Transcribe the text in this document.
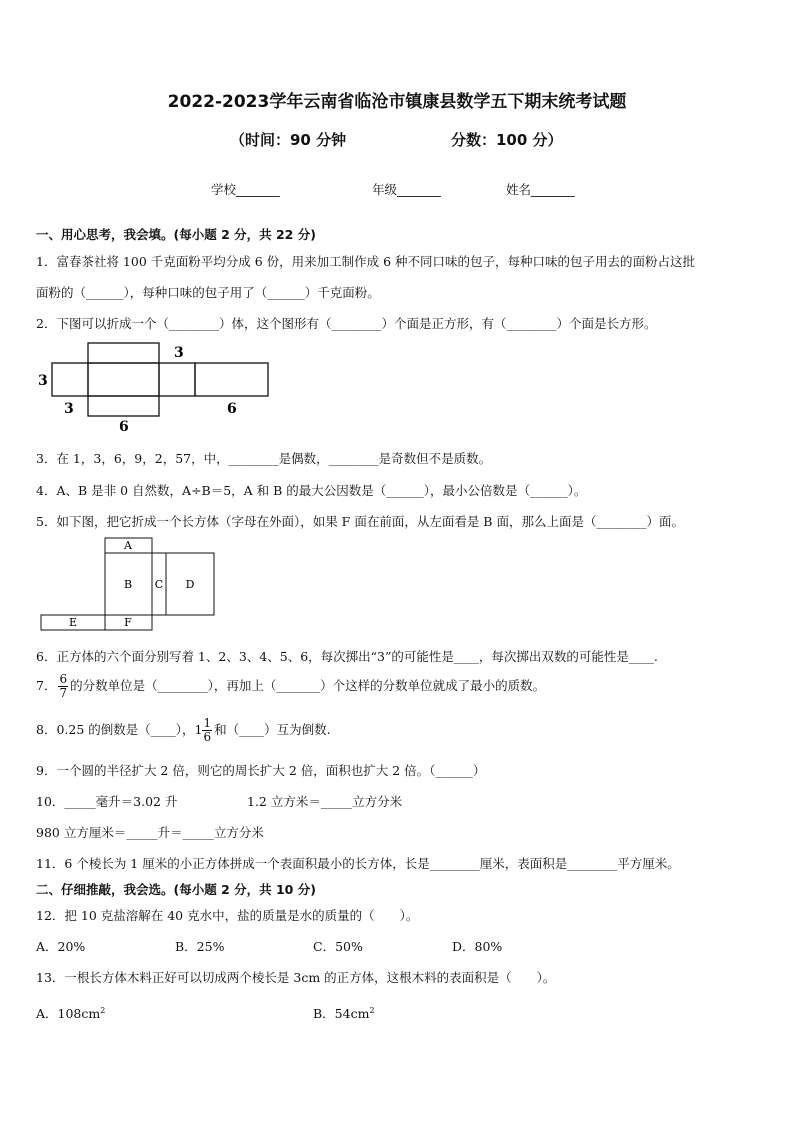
2022-2023学年云南省临沧市镇康县数学五下期末统考试题
（时间：90 分钟	分数：100 分）
学校_______	年级_______	姓名_______
一、用心思考，我会填。(每小题 2 分，共 22 分)
1．富春茶社将 100 千克面粉平均分成 6 份，用来加工制作成 6 种不同口味的包子，每种口味的包子用去的面粉占这批
面粉的（______），每种口味的包子用了（______）千克面粉。
2．下图可以折成一个（________）体，这个图形有（________）个面是正方形，有（________）个面是长方形。
3
3
3
6
6
3．在 1，3，6，9，2，57，中，________是偶数，________是奇数但不是质数。
4．A、B 是非 0 自然数，A÷B＝5，A 和 B 的最大公因数是（______），最小公倍数是（______）。
5．如下图，把它折成一个长方体（字母在外面），如果 F 面在前面，从左面看是 B 面，那么上面是（________）面。
A
B C D
E	F
6．正方体的六个面分别写着 1、2、3、4、5、6，每次掷出“3”的可能性是____，每次掷出双数的可能性是____.
7． $\frac{6}{7}$ 的分数单位是（________），再加上（_______）个这样的分数单位就成了最小的质数。
8．0.25 的倒数是（____），$1 \frac{1}{6}$ 和（____）互为倒数.
9．一个圆的半径扩大 2 倍，则它的周长扩大 2 倍，面积也扩大 2 倍。（______）
10．_____毫升＝3.02 升	1.2 立方米＝_____立方分米
980 立方厘米＝_____升＝_____立方分米
11．6 个棱长为 1 厘米的小正方体拼成一个表面积最小的长方体，长是________厘米，表面积是________平方厘米。
二、仔细推敲，我会选。(每小题 2 分，共 10 分)
12．把 10 克盐溶解在 40 克水中，盐的质量是水的质量的（　　）。
A．20%	B．25%	C．50%	D．80%
13．一根长方体木料正好可以切成两个棱长是 3cm 的正方体，这根木料的表面积是（　　）。
A．$108cm^2$	B．$54cm^2$
